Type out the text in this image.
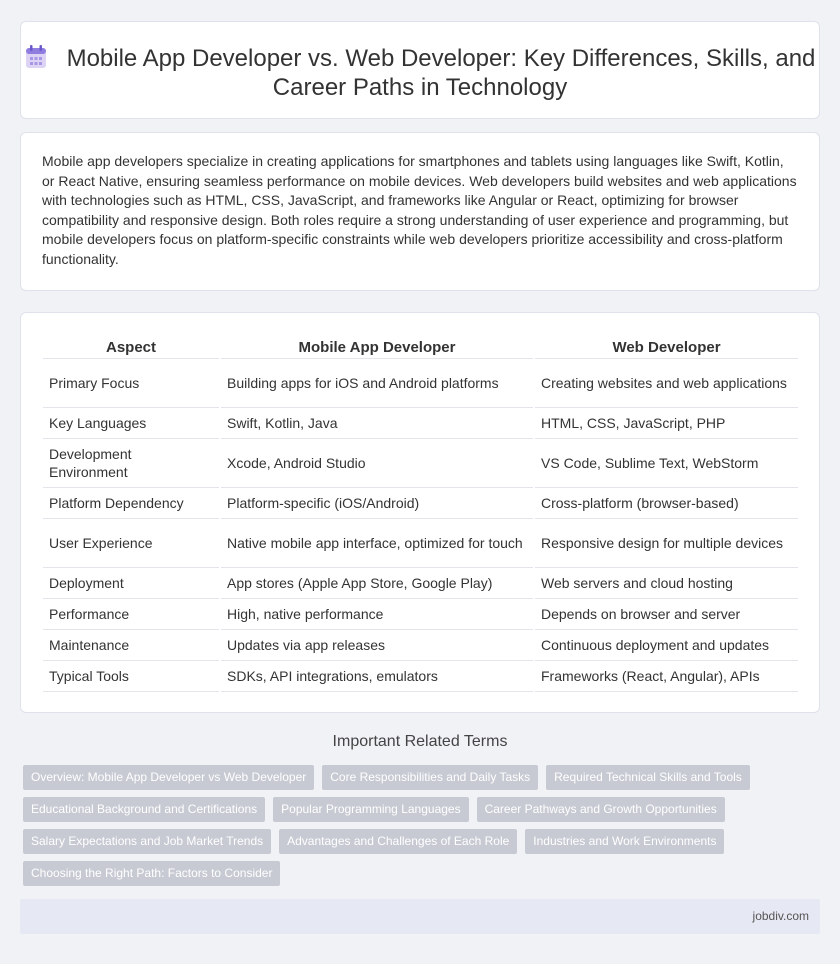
Mobile App Developer vs. Web Developer: Key Differences, Skills, and Career Paths in Technology

Mobile app developers specialize in creating applications for smartphones and tablets using languages like Swift, Kotlin, or React Native, ensuring seamless performance on mobile devices. Web developers build websites and web applications with technologies such as HTML, CSS, JavaScript, and frameworks like Angular or React, optimizing for browser compatibility and responsive design. Both roles require a strong understanding of user experience and programming, but mobile developers focus on platform-specific constraints while web developers prioritize accessibility and cross-platform functionality.

Aspect	Mobile App Developer	Web Developer
Primary Focus	Building apps for iOS and Android platforms	Creating websites and web applications
Key Languages	Swift, Kotlin, Java	HTML, CSS, JavaScript, PHP
Development Environment	Xcode, Android Studio	VS Code, Sublime Text, WebStorm
Platform Dependency	Platform-specific (iOS/Android)	Cross-platform (browser-based)
User Experience	Native mobile app interface, optimized for touch	Responsive design for multiple devices
Deployment	App stores (Apple App Store, Google Play)	Web servers and cloud hosting
Performance	High, native performance	Depends on browser and server
Maintenance	Updates via app releases	Continuous deployment and updates
Typical Tools	SDKs, API integrations, emulators	Frameworks (React, Angular), APIs
Important Related Terms
Overview: Mobile App Developer vs Web Developer	Core Responsibilities and Daily Tasks	Required Technical Skills and Tools
Educational Background and Certifications	Popular Programming Languages	Career Pathways and Growth Opportunities
Salary Expectations and Job Market Trends	Advantages and Challenges of Each Role	Industries and Work Environments
Choosing the Right Path: Factors to Consider
jobdiv.com
